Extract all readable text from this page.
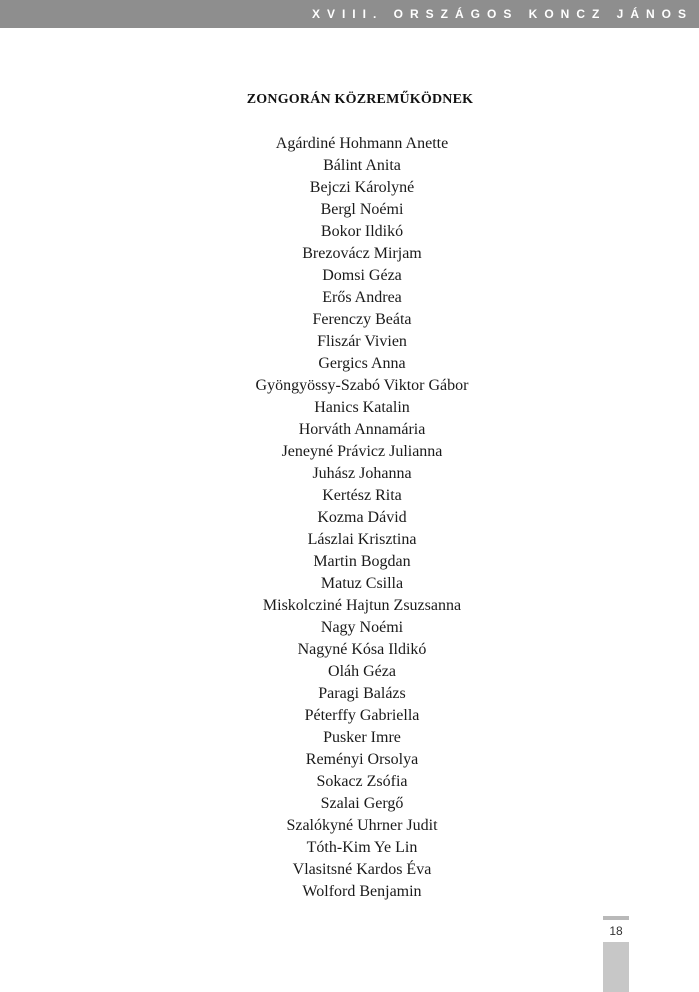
XVIII. ORSZÁGOS KONCZ JÁNOS
ZONGORÁN KÖZREMŰKÖDNEK
Agárdiné Hohmann Anette
Bálint Anita
Bejczi Károlyné
Bergl Noémi
Bokor Ildikó
Brezovácz Mirjam
Domsi Géza
Erős Andrea
Ferenczy Beáta
Fliszár Vivien
Gergics Anna
Gyöngyössy-Szabó Viktor Gábor
Hanics Katalin
Horváth Annamária
Jeneyné Právicz Julianna
Juhász Johanna
Kertész Rita
Kozma Dávid
Lászlai Krisztina
Martin Bogdan
Matuz Csilla
Miskolcziné Hajtun Zsuzsanna
Nagy Noémi
Nagyné Kósa Ildikó
Oláh Géza
Paragi Balázs
Péterffy Gabriella
Pusker Imre
Reményi Orsolya
Sokacz Zsófia
Szalai Gergő
Szalókyné Uhrner Judit
Tóth-Kim Ye Lin
Vlasitsné Kardos Éva
Wolford Benjamin
18
